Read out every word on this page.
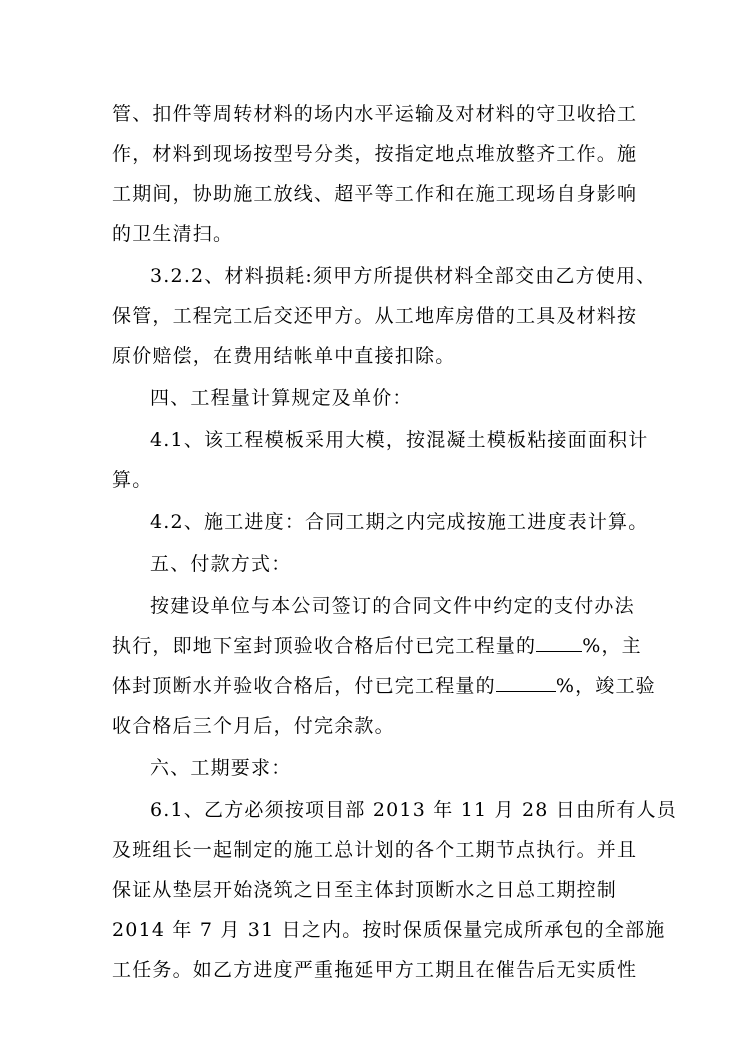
管、扣件等周转材料的场内水平运输及对材料的守卫收拾工
作，材料到现场按型号分类，按指定地点堆放整齐工作。施
工期间，协助施工放线、超平等工作和在施工现场自身影响
的卫生清扫。
3.2.2、材料损耗:须甲方所提供材料全部交由乙方使用、
保管，工程完工后交还甲方。从工地库房借的工具及材料按
原价赔偿，在费用结帐单中直接扣除。
四、工程量计算规定及单价：
4.1、该工程模板采用大模，按混凝土模板粘接面面积计
算。
4.2、施工进度：合同工期之内完成按施工进度表计算。
五、付款方式：
按建设单位与本公司签订的合同文件中约定的支付办法
执行，即地下室封顶验收合格后付已完工程量的 %，主
体封顶断水并验收合格后，付已完工程量的	%，竣工验
收合格后三个月后，付完余款。
六、工期要求：
6.1、乙方必须按项目部 2013 年 11 月 28 日由所有人员
及班组长一起制定的施工总计划的各个工期节点执行。并且
保证从垫层开始浇筑之日至主体封顶断水之日总工期控制
2014 年 7 月 31 日之内。按时保质保量完成所承包的全部施
工任务。如乙方进度严重拖延甲方工期且在催告后无实质性
